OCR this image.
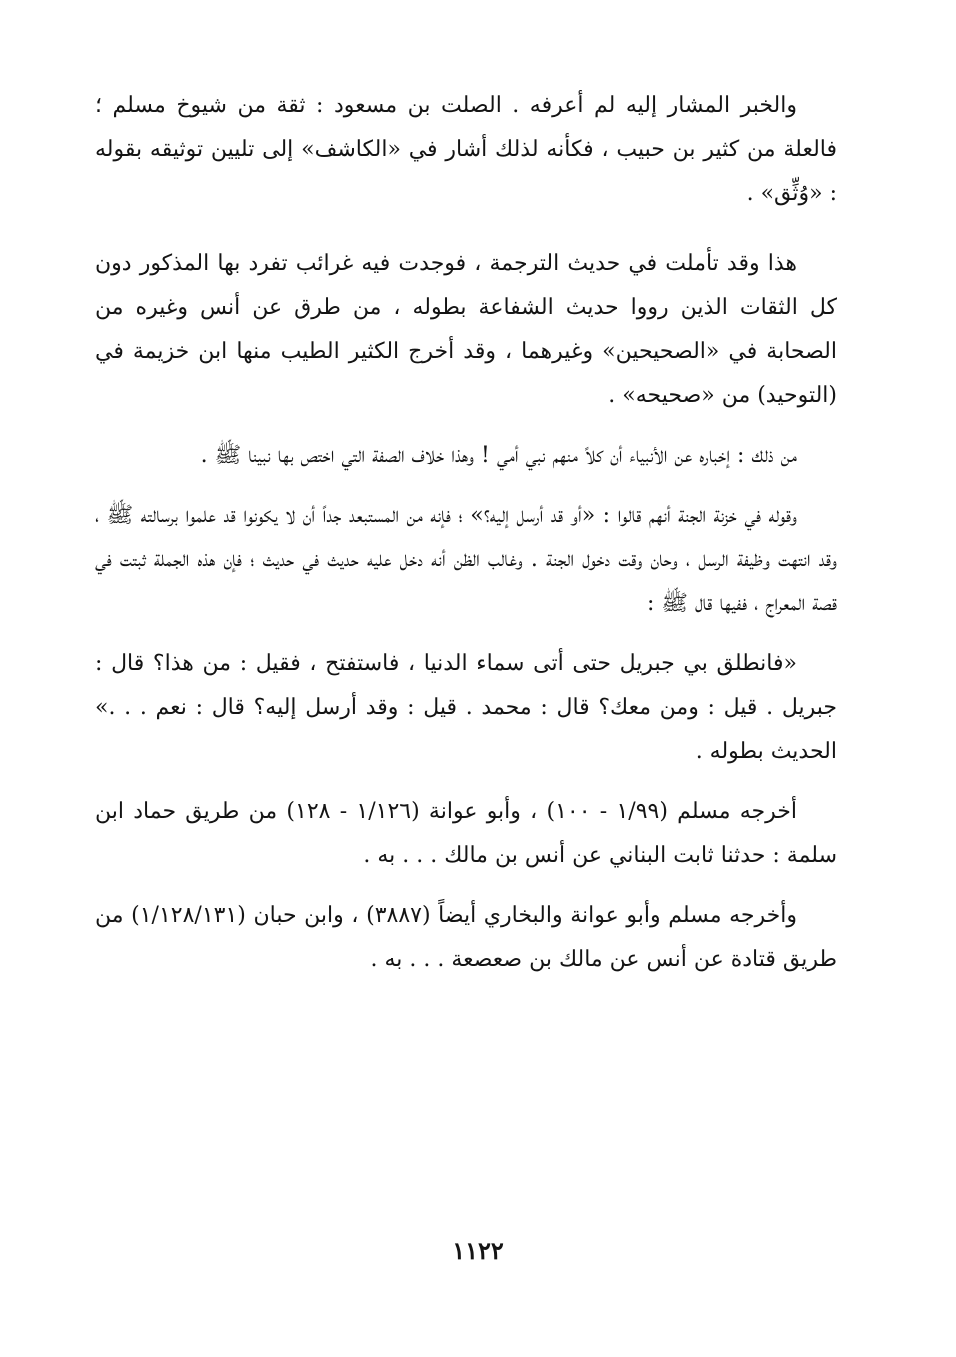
والخبر المشار إليه لم أعرفه . الصلت بن مسعود : ثقة من شيوخ مسلم ؛ فالعلة من كثير بن حبيب ، فكأنه لذلك أشار في «الكاشف» إلى تليين توثيقه بقوله : «وُثِّق» .

هذا وقد تأملت في حديث الترجمة ، فوجدت فيه غرائب تفرد بها المذكور دون كل الثقات الذين رووا حديث الشفاعة بطوله ، من طرق عن أنس وغيره من الصحابة في «الصحيحين» وغيرهما ، وقد أخرج الكثير الطيب منها ابن خزيمة في (التوحيد) من «صحيحه» .

من ذلك : إخباره عن الأنبياء أن كلاً منهم نبي أمي ! وهذا خلاف الصفة التي اختص بها نبينا ﷺ .

وقوله في خزنة الجنة أنهم قالوا : «أو قد أرسل إليه؟» ؛ فإنه من المستبعد جداً أن لا يكونوا قد علموا برسالته ﷺ ، وقد انتهت وظيفة الرسل ، وحان وقت دخول الجنة . وغالب الظن أنه دخل عليه حديث في حديث ؛ فإن هذه الجملة ثبتت في قصة المعراج ، ففيها قال ﷺ :

«فانطلق بي جبريل حتى أتى سماء الدنيا ، فاستفتح ، فقيل : من هذا؟ قال : جبريل . قيل : ومن معك؟ قال : محمد . قيل : وقد أرسل إليه؟ قال : نعم . . .» الحديث بطوله .

أخرجه مسلم (١/٩٩ - ١٠٠) ، وأبو عوانة (١/١٢٦ - ١٢٨) من طريق حماد ابن سلمة : حدثنا ثابت البناني عن أنس بن مالك . . . به .

وأخرجه مسلم وأبو عوانة والبخاري أيضاً (٣٨٨٧) ، وابن حبان (١/١٢٨/١٣١) من طريق قتادة عن أنس عن مالك بن صعصعة . . . به .

١١٢٢
